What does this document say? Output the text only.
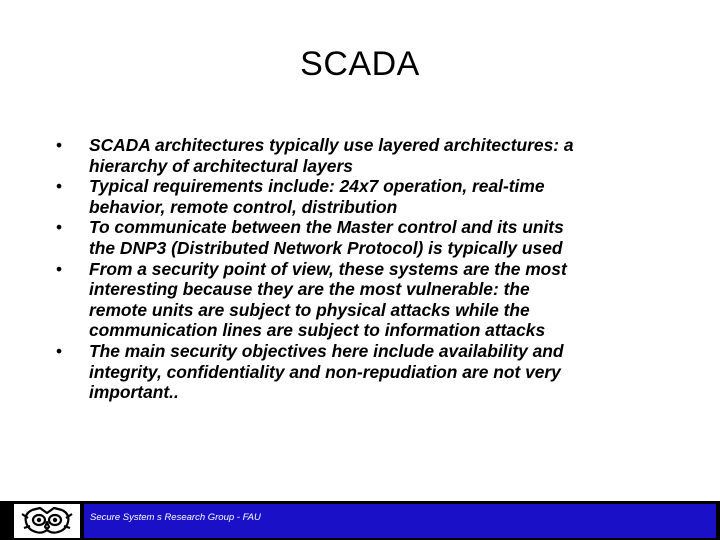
SCADA
• SCADA architectures typically use layered architectures: a
hierarchy of architectural layers
• Typical requirements include: 24x7 operation, real-time
behavior, remote control, distribution
• To communicate between the Master control and its units
the DNP3 (Distributed Network Protocol) is typically used
• From a security point of view, these systems are the most
interesting because they are the most vulnerable: the
remote units are subject to physical attacks while the
communication lines are subject to information attacks
• The main security objectives here include availability and
integrity, confidentiality and non-repudiation are not very
important..
Secure System s Research Group - FAU
